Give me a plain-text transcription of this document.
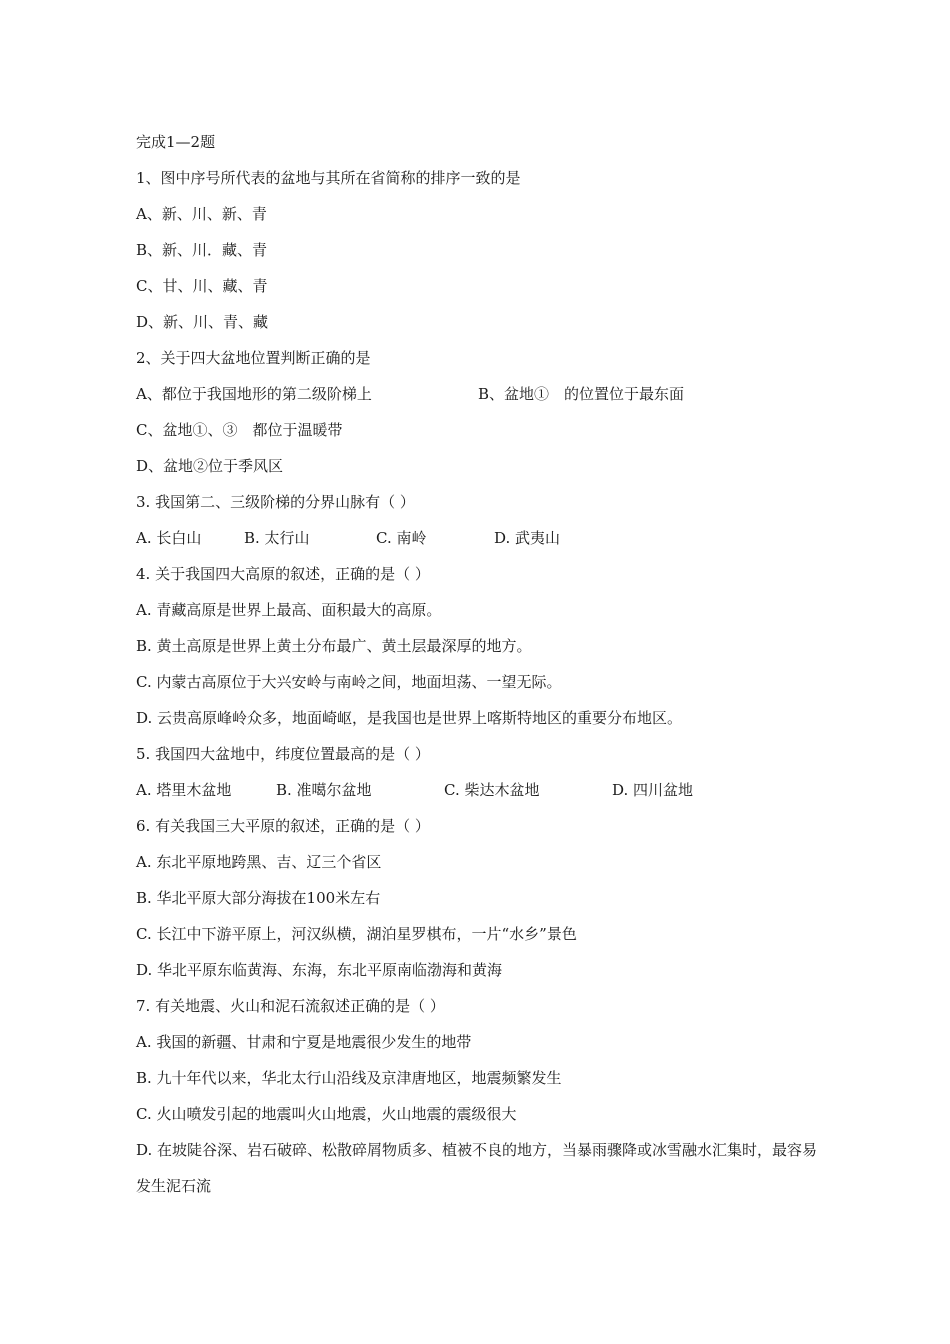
完成1—2题
1、图中序号所代表的盆地与其所在省简称的排序一致的是
A、新、川、新、青
B、新、川．藏、青
C、甘、川、藏、青
D、新、川、青、藏
2、关于四大盆地位置判断正确的是
A、都位于我国地形的第二级阶梯上	B、盆地①　的位置位于最东面
C、盆地①、③　都位于温暖带
D、盆地②位于季风区
3. 我国第二、三级阶梯的分界山脉有（ ）
A. 长白山	B. 太行山	C. 南岭	D. 武夷山
4. 关于我国四大高原的叙述，正确的是（ ）
A. 青藏高原是世界上最高、面积最大的高原。
B. 黄土高原是世界上黄土分布最广、黄土层最深厚的地方。
C. 内蒙古高原位于大兴安岭与南岭之间，地面坦荡、一望无际。
D. 云贵高原峰岭众多，地面崎岖，是我国也是世界上喀斯特地区的重要分布地区。
5. 我国四大盆地中，纬度位置最高的是（ ）
A. 塔里木盆地	B. 准噶尔盆地	C. 柴达木盆地	D. 四川盆地
6. 有关我国三大平原的叙述，正确的是（ ）
A. 东北平原地跨黑、吉、辽三个省区
B. 华北平原大部分海拔在100米左右
C. 长江中下游平原上，河汉纵横，湖泊星罗棋布，一片“水乡”景色
D. 华北平原东临黄海、东海，东北平原南临渤海和黄海
7. 有关地震、火山和泥石流叙述正确的是（ ）
A. 我国的新疆、甘肃和宁夏是地震很少发生的地带
B. 九十年代以来，华北太行山沿线及京津唐地区，地震频繁发生
C. 火山喷发引起的地震叫火山地震，火山地震的震级很大
D. 在坡陡谷深、岩石破碎、松散碎屑物质多、植被不良的地方，当暴雨骤降或冰雪融水汇集时，最容易发生泥石流
